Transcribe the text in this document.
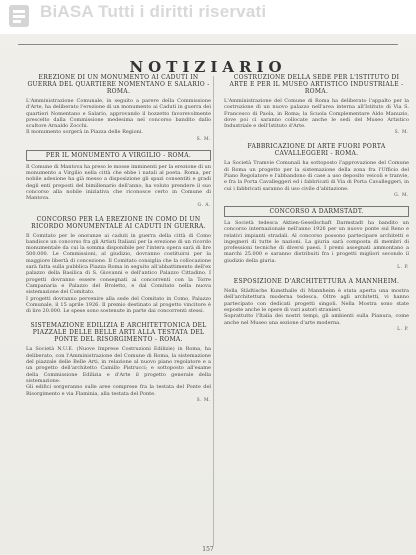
BiASA Tutti i diritti riservati
NOTIZIARIO
EREZIONE DI UN MONUMENTO AI CADUTI IN GUERRA DEL QUARTIERE NOMENTANO E SALARIO - ROMA.

L'Amministrazione Comunale, in seguito a parere della Commissione d'Arte, ha deliberato l'erezione di un monumento ai Caduti in guerra dei quartieri Nomentano e Salario, approvando il bozzetto favorevolmente prescelto dalla Commissione medesima nel concorso bandito dallo scultore Arnaldo Zocchi.

Il monumento sorgerà in Piazza delle Regioni.

S. M.
PER IL MONUMENTO A VIRGILIO - ROMA.

Il Comune di Mantova ha preso le mosse imminenti per la erezione di un monumento a Virgilio nella città che ebbe i natali al poeta. Roma, per nobile adesione ha già messo a disposizione gli spazi consentiti e gradi degli enti preposti del bimillenario dell'anno, ha voluto prendere il suo concorso alla nobile iniziativa che riconosce certo in Comune di Mantova.

G. A.
CONCORSO PER LA EREZIONE IN COMO DI UN RICORDO MONUMENTALE AI CADUTI IN GUERRA.

Il Comitato per le onoranze ai caduti in guerra della città di Como bandisce un concorso fra gli Artisti Italiani per la erezione di un ricordo monumentale da cui la somma disponibile per l'intera opera sarà di lire 500.000. Le Commissioni, al giudizio, dovranno costituirsi per la maggiore libertà di concezione. Il Comitato consiglia che la collocazione sarà fatta sulla pubblica Piazza Roma in seguito all'abbattimento dell'ex palazzo della Basilica di S. Giovanni e dell'antico Palazzo Cittadino. I progetti dovranno essere consegnati ai concorrenti con la Torre Campanaria e Palazzo del Broletto, e dal Comitato nella nuova sistemazione del Comitato.

I progetti dovranno pervenire alla sede del Comitato in Como, Palazzo Comunale, il 15 aprile 1926. Il premio destinato al progetto vincitore è di lire 20.000. Le spese sono sostenute in parte dai concorrenti stessi.

SISTEMAZIONE EDILIZIA E ARCHITETTONICA DEL PIAZZALE DELLE BELLE ARTI ALLA TESTATA DEL PONTE DEL RISORGIMENTO - ROMA.

La Società N.U.E. (Nuove Imprese Costruzioni Edilizie) in Roma, ha deliberato, con l'Amministrazione del Comune di Roma, la sistemazione del piazzale delle Belle Arti, in relazione al nuovo piano regolatore e a un progetto dell'architetto Camillo Pistrucci; e sottoposto all'esame della Commissione Edilizia e d'Arte il progetto generale della sistemazione.

Gli edifici sorgeranno sulle aree comprese fra la testata del Ponte del Risorgimento e via Flaminia, alla testata del Ponte.

S. M.
COSTRUZIONE DELLA SEDE PER L'ISTITUTO DI ARTE E PER IL MUSEO ARTISTICO INDUSTRIALE - ROMA.

L'Amministrazione del Comune di Roma ha deliberato l'appalto per la costruzione di un nuovo palazzo nell'area interna all'Istituto di Via S. Francesco di Paola, in Roma; la Scuola Complementare Aldo Manuzio, dove poi ci saranno collocate anche le sedi del Museo Artistico Industriale e dell'Istituto d'Arte.

S. M.
FABBRICAZIONE DI ARTE FUORI PORTA CAVALLEGGERI - ROMA.

La Società Tramvie Comunali ha sottoposto l'approvazione del Comune di Roma un progetto per la sistemazione della zona fra l'Ufficio del Piano Regolatore e l'abbandono di case a uso deposito veicoli e tranvie, e fra la Porta Cavalleggeri ed i fabbricati di Via di Porta Cavalleggeri, in cui i fabbricati saranno di uso civile d'abitazione.

G. M.
CONCORSO A DARMSTADT.

La Società tedesca Aktien-Gesellschaft Darmstadt ha bandito un concorso internazionale nell'anno 1926 per un nuovo ponte sul Reno e relativi impianti stradali. Al concorso possono partecipare architetti e ingegneri di tutte le nazioni. La giuria sarà composta di membri di professioni tecniche di diversi paesi. I premi assegnati ammontano a marchi 25.000 e saranno distribuiti fra i progetti migliori secondo il giudizio della giuria.

L. P.
ESPOSIZIONE D'ARCHITETTURA A MANNHEIM.

Nella Städtische Kunsthalle di Mannheim è stata aperta una mostra dell'architettura moderna tedesca. Oltre agli architetti, vi hanno partecipato con dedicati progetti singoli. Nella Mostra sono state esposte anche le opere di vari autori stranieri.

Soprattutto l'Italia dei nostri tempi, gli ambienti sulla Pianura, come anche nel Museo una sezione d'arte moderna.

L. P.
157
